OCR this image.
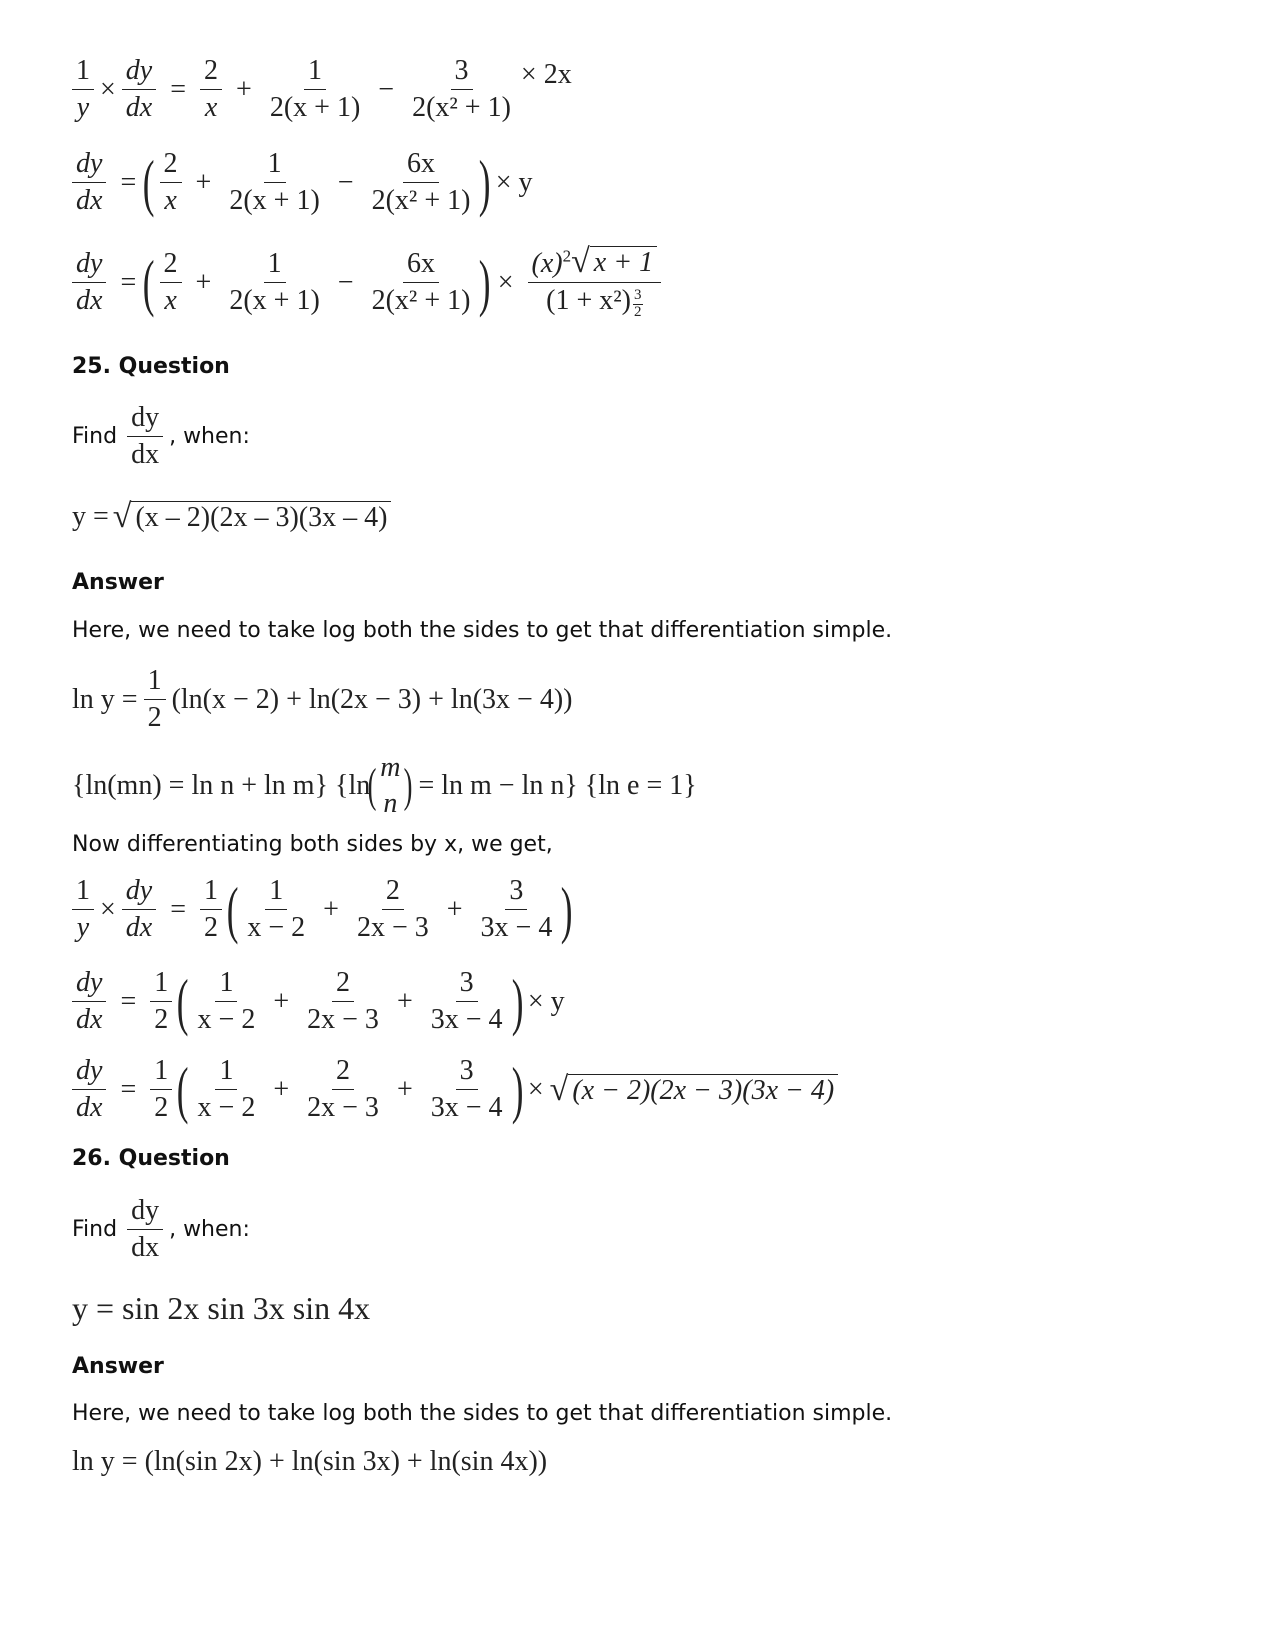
$\frac{1}{y} \times \frac{dy}{dx} = \frac{2}{x} + \frac{1}{2(x + 1)} - \frac{3}{\text{2(x² + 1)}} \times 2x$
$\frac{dy}{dx}$ = ( $\frac{2}{x} + \frac{1}{2(x + 1)} - \frac{6x}{\text{2(x² + 1)}}$ ) × y
$\frac{dy}{dx}$ = ( $\frac{2}{x} + \frac{1}{2(x + 1)} - \frac{6x}{\text{2(x² + 1)}}$ ) × $\frac{(x)^2 √ x + 1}{(1 + x^2) \frac{3}{2}}$
25. Question
Find
dy
dx
, when:
y = √ (x – 2)(2x – 3)(3x – 4)
Answer
Here, we need to take log both the sides to get that differentiation simple.
$\ln y = \frac{1}{2} (\ln(x - 2) + \ln(2x - 3) + \ln(3x - 4))$
{ln(mn) = ln n + ln m} {ln
( m
n ) = ln m − ln n} {ln e = 1}
Now differentiating both sides by x, we get,
$\frac{1}{y} \times \frac{dy}{dx} = \frac{1}{2}$ ( $\frac{1}{x - 2} + \frac{2}{2x - 3} + \frac{3}{3x - 4}$ )
$\frac{dy}{dx} = \frac{1}{2}$ ( $\frac{1}{x - 2} + \frac{2}{2x - 3} + \frac{3}{3x - 4}$ ) × y
$\frac{dy}{dx} = \frac{1}{2}$ ( $\frac{1}{x - 2} + \frac{2}{2x - 3} + \frac{3}{3x - 4}$ ) × √ (x − 2)(2x − 3)(3x − 4)
26. Question
Find
dy
dx
, when:
y = sin 2x sin 3x sin 4x
Answer
Here, we need to take log both the sides to get that differentiation simple.
ln y = (ln(sin 2x) + ln(sin 3x) + ln(sin 4x))
